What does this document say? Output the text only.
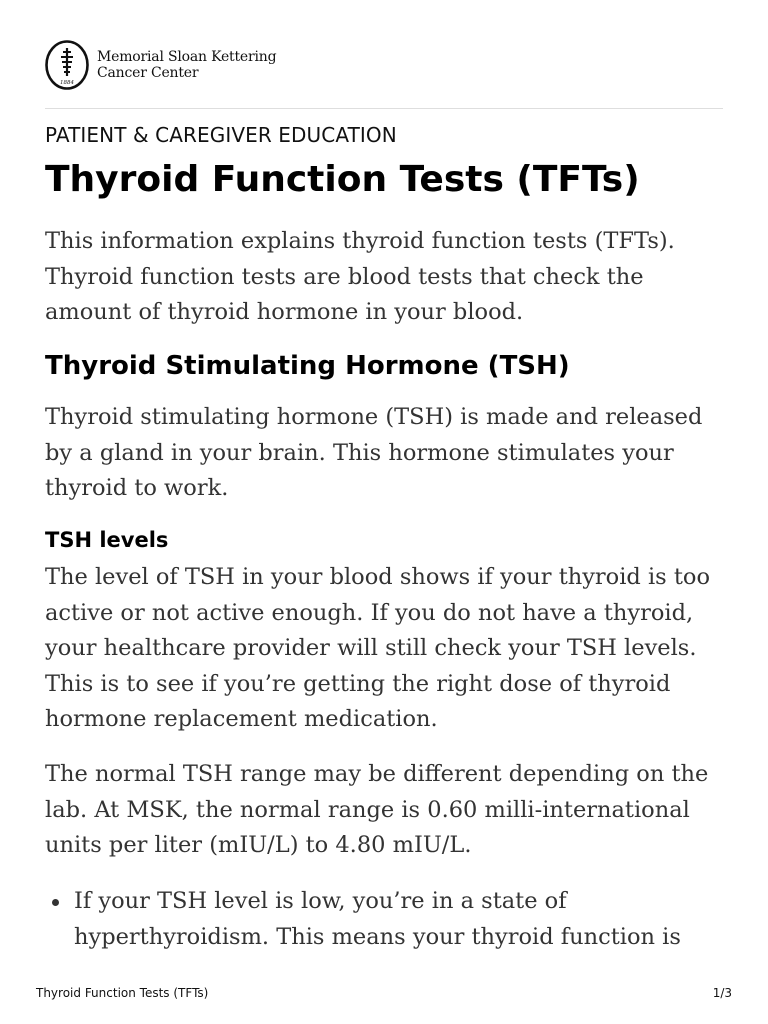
1884
Memorial Sloan Kettering
Cancer Center
PATIENT & CAREGIVER EDUCATION
Thyroid Function Tests (TFTs)

This information explains thyroid function tests (TFTs). Thyroid function tests are blood tests that check the amount of thyroid hormone in your blood.

Thyroid Stimulating Hormone (TSH)

Thyroid stimulating hormone (TSH) is made and released by a gland in your brain. This hormone stimulates your thyroid to work.

TSH levels

The level of TSH in your blood shows if your thyroid is too active or not active enough. If you do not have a thyroid, your healthcare provider will still check your TSH levels. This is to see if you’re getting the right dose of thyroid hormone replacement medication.

The normal TSH range may be different depending on the lab. At MSK, the normal range is 0.60 milli-international units per liter (mIU/L) to 4.80 mIU/L.

If your TSH level is low, you’re in a state of hyperthyroidism. This means your thyroid function is
Thyroid Function Tests (TFTs)	1/3
